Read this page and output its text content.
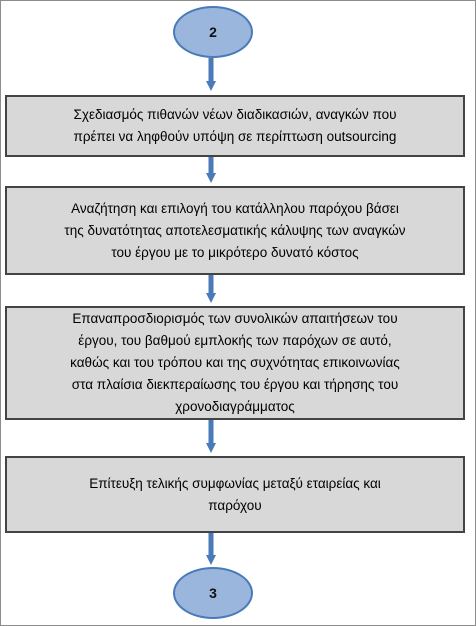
2
Σχεδιασμός πιθανών νέων διαδικασιών, αναγκών που
πρέπει να ληφθούν υπόψη σε περίπτωση outsourcing
Αναζήτηση και επιλογή του κατάλληλου παρόχου βάσει
της δυνατότητας αποτελεσματικής κάλυψης των αναγκών
του έργου με το μικρότερο δυνατό κόστος
Επαναπροσδιορισμός των συνολικών απαιτήσεων του
έργου, του βαθμού εμπλοκής των παρόχων σε αυτό,
καθώς και του τρόπου και της συχνότητας επικοινωνίας
στα πλαίσια διεκπεραίωσης του έργου και τήρησης του
χρονοδιαγράμματος
Επίτευξη τελικής συμφωνίας μεταξύ εταιρείας και
παρόχου
3
